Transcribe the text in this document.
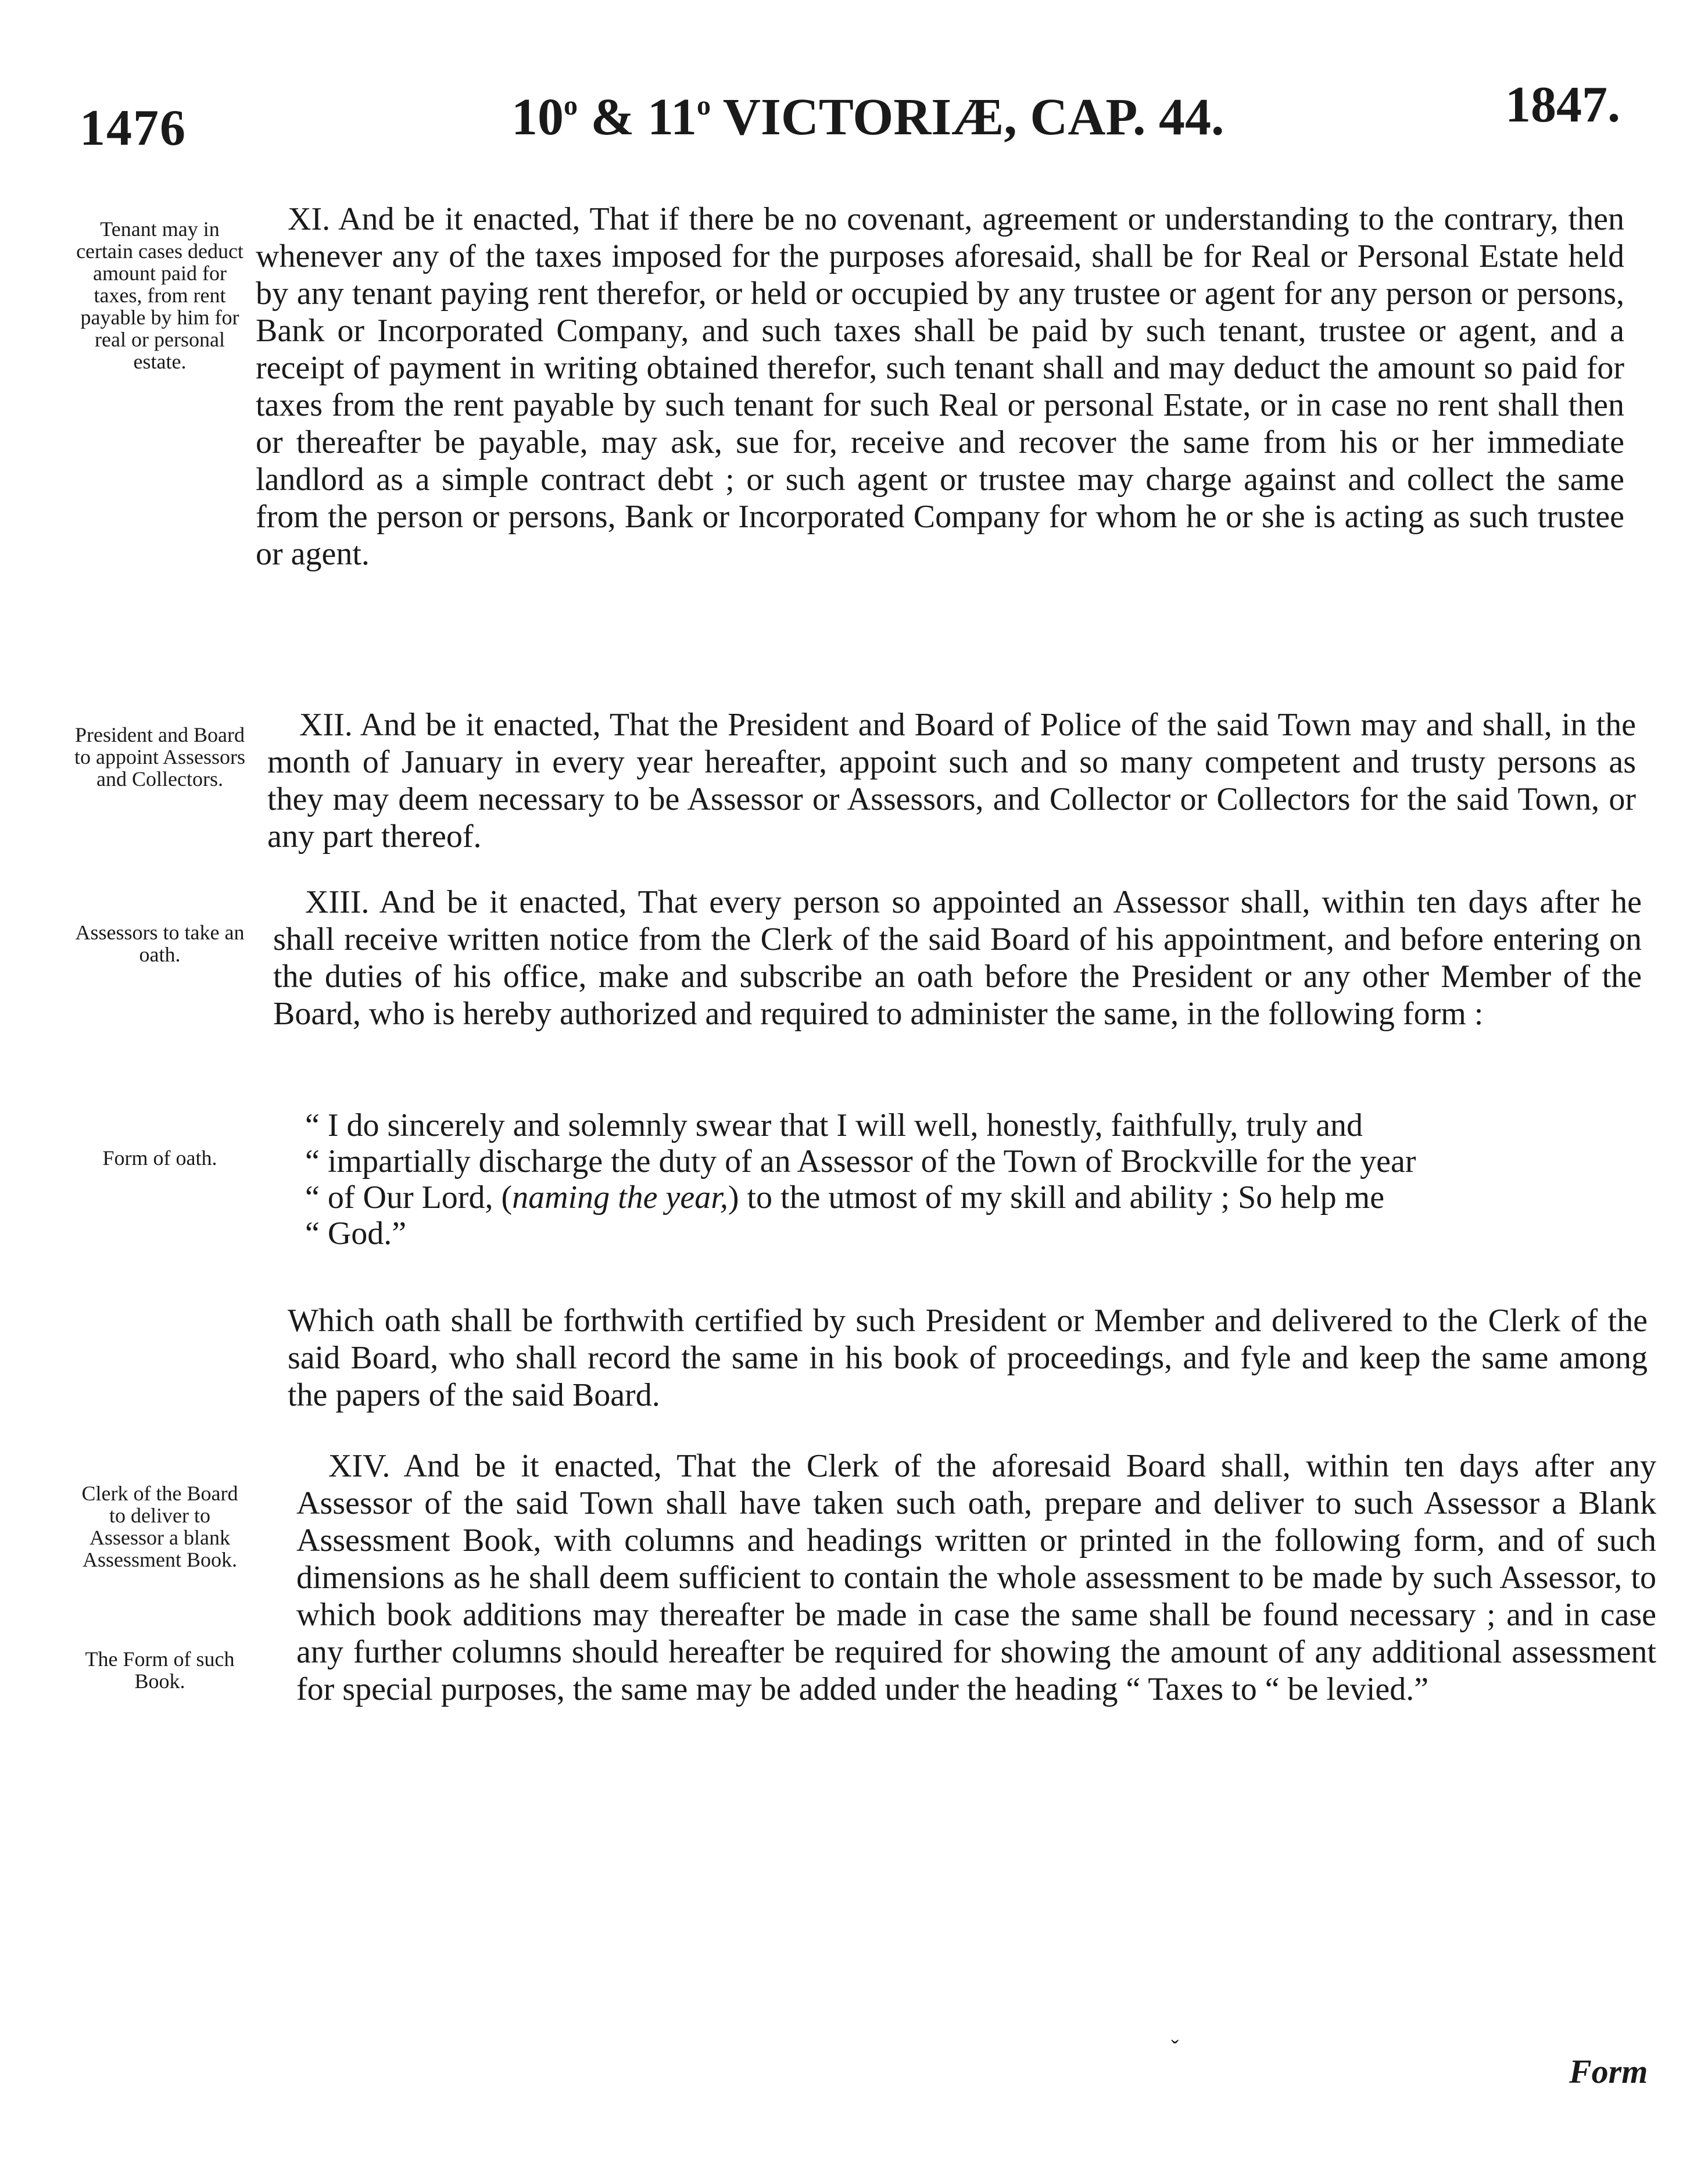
1476	10$^o$ & 11$^o$ VICTORIÆ, CAP. 44.	1847.
Tenant may in certain cases deduct amount paid for taxes, from rent payable by him for real or personal estate.
President and Board to appoint Assessors and Collectors.
Assessors to take an oath.
Form of oath.
Clerk of the Board to deliver to Assessor a blank Assessment Book.
The Form of such Book.

XI. And be it enacted, That if there be no covenant, agreement or understanding to the contrary, then whenever any of the taxes imposed for the purposes aforesaid, shall be for Real or Personal Estate held by any tenant paying rent therefor, or held or occupied by any trustee or agent for any person or persons, Bank or Incorporated Company, and such taxes shall be paid by such tenant, trustee or agent, and a receipt of payment in writing obtained therefor, such tenant shall and may deduct the amount so paid for taxes from the rent payable by such tenant for such Real or personal Estate, or in case no rent shall then or thereafter be payable, may ask, sue for, receive and recover the same from his or her immediate landlord as a simple contract debt ; or such agent or trustee may charge against and collect the same from the person or persons, Bank or Incorporated Company for whom he or she is acting as such trustee or agent.

XII. And be it enacted, That the President and Board of Police of the said Town may and shall, in the month of January in every year hereafter, appoint such and so many competent and trusty persons as they may deem necessary to be Assessor or Assessors, and Collector or Collectors for the said Town, or any part thereof.

XIII. And be it enacted, That every person so appointed an Assessor shall, within ten days after he shall receive written notice from the Clerk of the said Board of his appointment, and before entering on the duties of his office, make and subscribe an oath before the President or any other Member of the Board, who is hereby authorized and required to administer the same, in the following form :

“ I do sincerely and solemnly swear that I will well, honestly, faithfully, truly and
“ impartially discharge the duty of an Assessor of the Town of Brockville for the year
“ of Our Lord, (naming the year,) to the utmost of my skill and ability ; So help me
“ God.”

Which oath shall be forthwith certified by such President or Member and delivered to the Clerk of the said Board, who shall record the same in his book of proceedings, and fyle and keep the same among the papers of the said Board.

XIV. And be it enacted, That the Clerk of the aforesaid Board shall, within ten days after any Assessor of the said Town shall have taken such oath, prepare and deliver to such Assessor a Blank Assessment Book, with columns and headings written or printed in the following form, and of such dimensions as he shall deem sufficient to contain the whole assessment to be made by such Assessor, to which book additions may thereafter be made in case the same shall be found necessary ; and in case any further columns should hereafter be required for showing the amount of any additional assessment for special purposes, the same may be added under the heading “ Taxes to “ be levied.”

ˇ
Form
